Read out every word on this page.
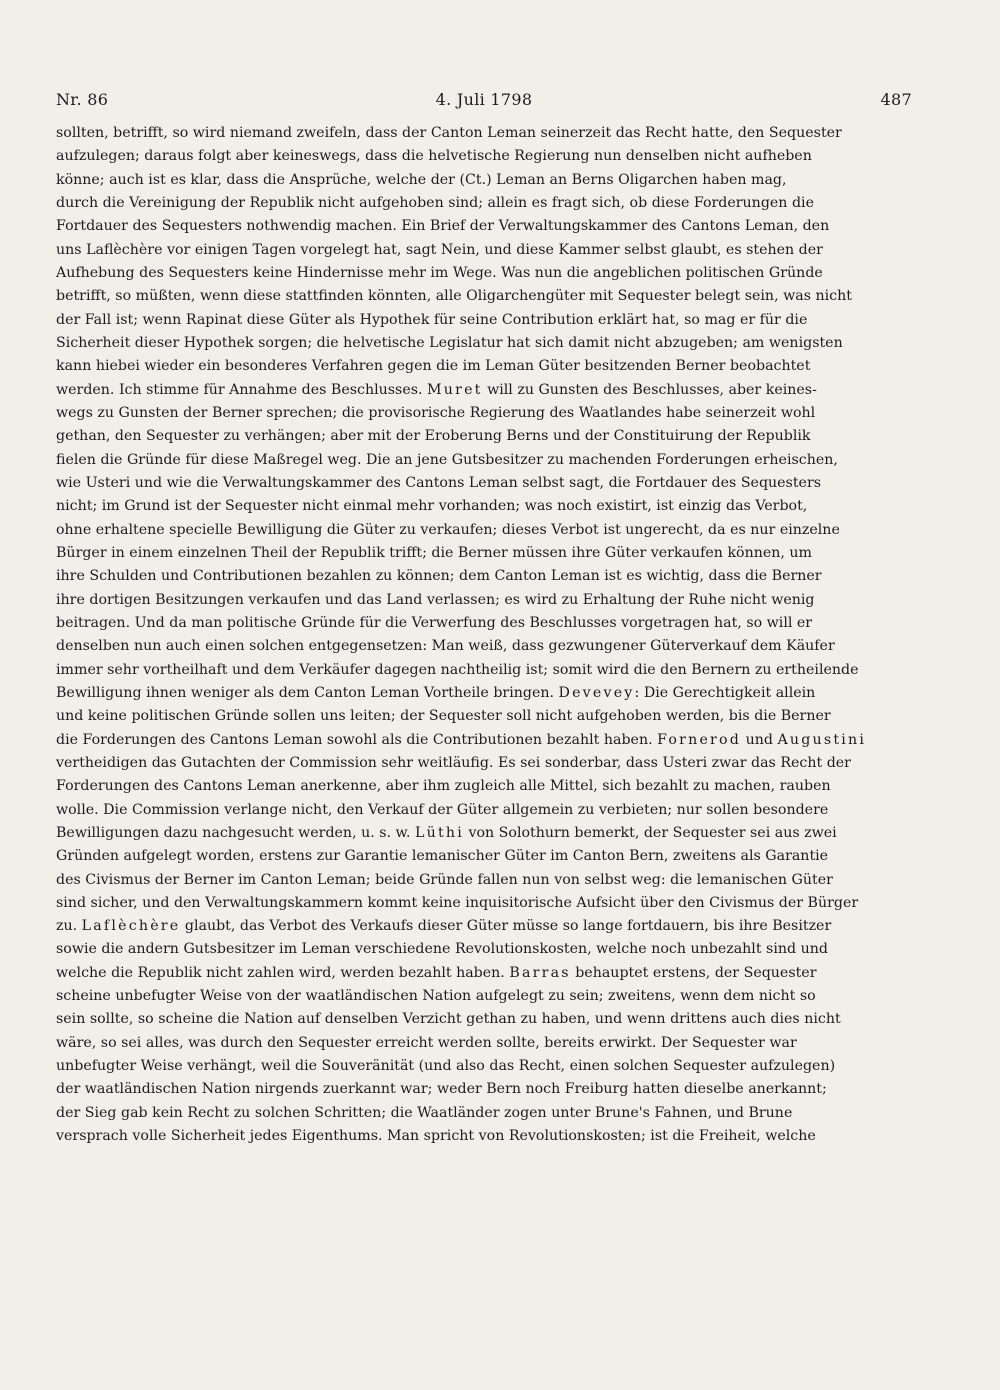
Nr. 86	4. Juli 1798	487
sollten, betrifft, so wird niemand zweifeln, dass der Canton Leman seinerzeit das Recht hatte, den Sequester
aufzulegen; daraus folgt aber keineswegs, dass die helvetische Regierung nun denselben nicht aufheben
könne; auch ist es klar, dass die Ansprüche, welche der (Ct.) Leman an Berns Oligarchen haben mag,
durch die Vereinigung der Republik nicht aufgehoben sind; allein es fragt sich, ob diese Forderungen die
Fortdauer des Sequesters nothwendig machen. Ein Brief der Verwaltungskammer des Cantons Leman, den
uns Laflèchère vor einigen Tagen vorgelegt hat, sagt Nein, und diese Kammer selbst glaubt, es stehen der
Aufhebung des Sequesters keine Hindernisse mehr im Wege. Was nun die angeblichen politischen Gründe
betrifft, so müßten, wenn diese stattfinden könnten, alle Oligarchengüter mit Sequester belegt sein, was nicht
der Fall ist; wenn Rapinat diese Güter als Hypothek für seine Contribution erklärt hat, so mag er für die
Sicherheit dieser Hypothek sorgen; die helvetische Legislatur hat sich damit nicht abzugeben; am wenigsten
kann hiebei wieder ein besonderes Verfahren gegen die im Leman Güter besitzenden Berner beobachtet
werden. Ich stimme für Annahme des Beschlusses. Muret will zu Gunsten des Beschlusses, aber keines-
wegs zu Gunsten der Berner sprechen; die provisorische Regierung des Waatlandes habe seinerzeit wohl
gethan, den Sequester zu verhängen; aber mit der Eroberung Berns und der Constituirung der Republik
fielen die Gründe für diese Maßregel weg. Die an jene Gutsbesitzer zu machenden Forderungen erheischen,
wie Usteri und wie die Verwaltungskammer des Cantons Leman selbst sagt, die Fortdauer des Sequesters
nicht; im Grund ist der Sequester nicht einmal mehr vorhanden; was noch existirt, ist einzig das Verbot,
ohne erhaltene specielle Bewilligung die Güter zu verkaufen; dieses Verbot ist ungerecht, da es nur einzelne
Bürger in einem einzelnen Theil der Republik trifft; die Berner müssen ihre Güter verkaufen können, um
ihre Schulden und Contributionen bezahlen zu können; dem Canton Leman ist es wichtig, dass die Berner
ihre dortigen Besitzungen verkaufen und das Land verlassen; es wird zu Erhaltung der Ruhe nicht wenig
beitragen. Und da man politische Gründe für die Verwerfung des Beschlusses vorgetragen hat, so will er
denselben nun auch einen solchen entgegensetzen: Man weiß, dass gezwungener Güterverkauf dem Käufer
immer sehr vortheilhaft und dem Verkäufer dagegen nachtheilig ist; somit wird die den Bernern zu ertheilende
Bewilligung ihnen weniger als dem Canton Leman Vortheile bringen. Devevey: Die Gerechtigkeit allein
und keine politischen Gründe sollen uns leiten; der Sequester soll nicht aufgehoben werden, bis die Berner
die Forderungen des Cantons Leman sowohl als die Contributionen bezahlt haben. Fornerod und Augustini
vertheidigen das Gutachten der Commission sehr weitläufig. Es sei sonderbar, dass Usteri zwar das Recht der
Forderungen des Cantons Leman anerkenne, aber ihm zugleich alle Mittel, sich bezahlt zu machen, rauben
wolle. Die Commission verlange nicht, den Verkauf der Güter allgemein zu verbieten; nur sollen besondere
Bewilligungen dazu nachgesucht werden, u. s. w. Lüthi von Solothurn bemerkt, der Sequester sei aus zwei
Gründen aufgelegt worden, erstens zur Garantie lemanischer Güter im Canton Bern, zweitens als Garantie
des Civismus der Berner im Canton Leman; beide Gründe fallen nun von selbst weg: die lemanischen Güter
sind sicher, und den Verwaltungskammern kommt keine inquisitorische Aufsicht über den Civismus der Bürger
zu. Laflèchère glaubt, das Verbot des Verkaufs dieser Güter müsse so lange fortdauern, bis ihre Besitzer
sowie die andern Gutsbesitzer im Leman verschiedene Revolutionskosten, welche noch unbezahlt sind und
welche die Republik nicht zahlen wird, werden bezahlt haben. Barras behauptet erstens, der Sequester
scheine unbefugter Weise von der waatländischen Nation aufgelegt zu sein; zweitens, wenn dem nicht so
sein sollte, so scheine die Nation auf denselben Verzicht gethan zu haben, und wenn drittens auch dies nicht
wäre, so sei alles, was durch den Sequester erreicht werden sollte, bereits erwirkt. Der Sequester war
unbefugter Weise verhängt, weil die Souveränität (und also das Recht, einen solchen Sequester aufzulegen)
der waatländischen Nation nirgends zuerkannt war; weder Bern noch Freiburg hatten dieselbe anerkannt;
der Sieg gab kein Recht zu solchen Schritten; die Waatländer zogen unter Brune's Fahnen, und Brune
versprach volle Sicherheit jedes Eigenthums. Man spricht von Revolutionskosten; ist die Freiheit, welche
